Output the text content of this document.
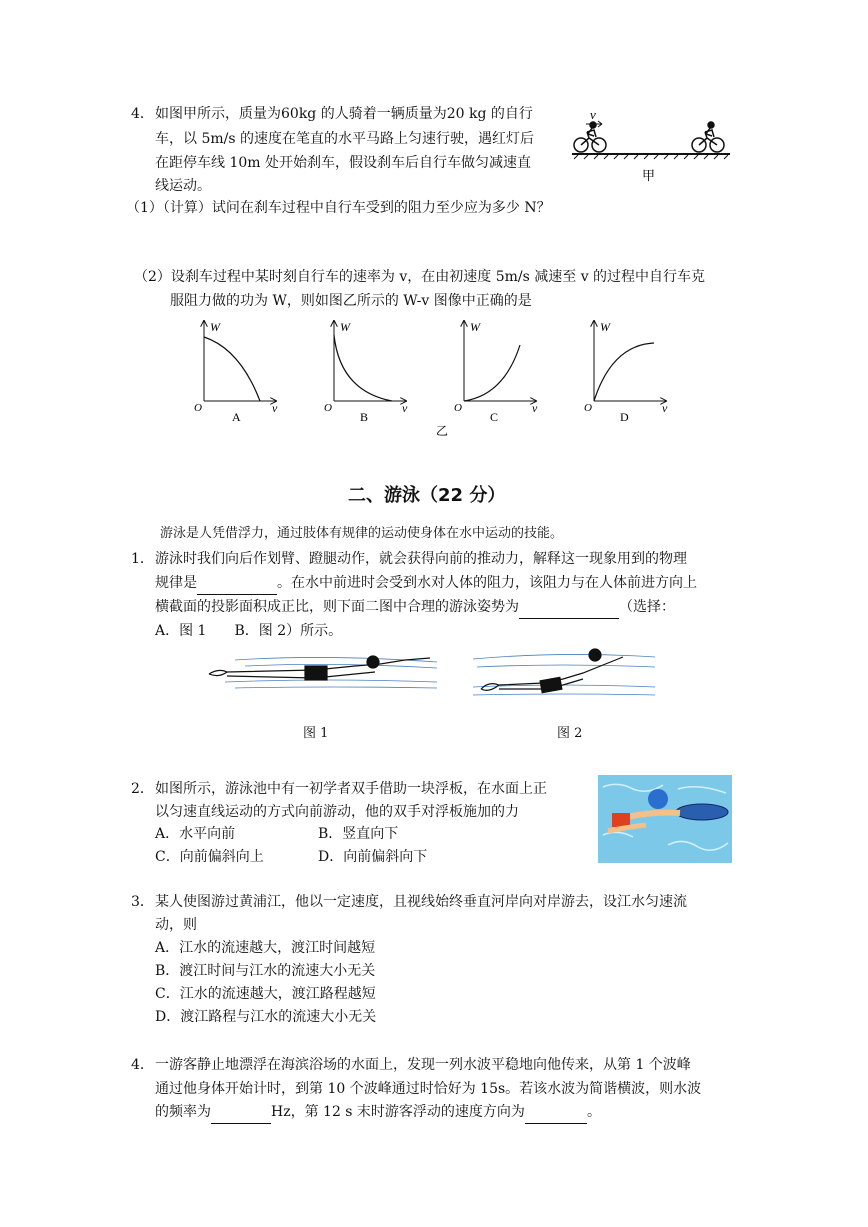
4． 如图甲所示，质量为60kg 的人骑着一辆质量为20 kg 的自行
车，以 5m/s 的速度在笔直的水平马路上匀速行驶，遇红灯后
在距停车线 10m 处开始刹车，假设刹车后自行车做匀减速直
线运动。
（1）（计算）试问在刹车过程中自行车受到的阻力至少应为多少 N？
v
甲
（2）设刹车过程中某时刻自行车的速率为 v，在由初速度 5m/s 减速至 v 的过程中自行车克
服阻力做的功为 W，则如图乙所示的 W-v 图像中正确的是
W
O	v
A
W
O	v
B
W
O	v
C
W
O	v
D
乙
二、游泳（22 分）
游泳是人凭借浮力，通过肢体有规律的运动使身体在水中运动的技能。
1． 游泳时我们向后作划臂、蹬腿动作，就会获得向前的推动力，解释这一现象用到的物理
规律是	。在水中前进时会受到水对人体的阻力，该阻力与在人体前进方向上
横截面的投影面积成正比，则下面二图中合理的游泳姿势为	（选择：
A．图 1　　B．图 2）所示。
图 1	图 2
2． 如图所示，游泳池中有一初学者双手借助一块浮板，在水面上正
以匀速直线运动的方式向前游动，他的双手对浮板施加的力
A．水平向前	B．竖直向下
C．向前偏斜向上	D．向前偏斜向下
3． 某人使图游过黄浦江，他以一定速度，且视线始终垂直河岸向对岸游去，设江水匀速流
动，则
A．江水的流速越大，渡江时间越短
B．渡江时间与江水的流速大小无关
C．江水的流速越大，渡江路程越短
D．渡江路程与江水的流速大小无关
4． 一游客静止地漂浮在海滨浴场的水面上，发现一列水波平稳地向他传来，从第 1 个波峰
通过他身体开始计时，到第 10 个波峰通过时恰好为 15s。若该水波为简谐横波，则水波
的频率为	Hz，第 12 s 末时游客浮动的速度方向为	。
